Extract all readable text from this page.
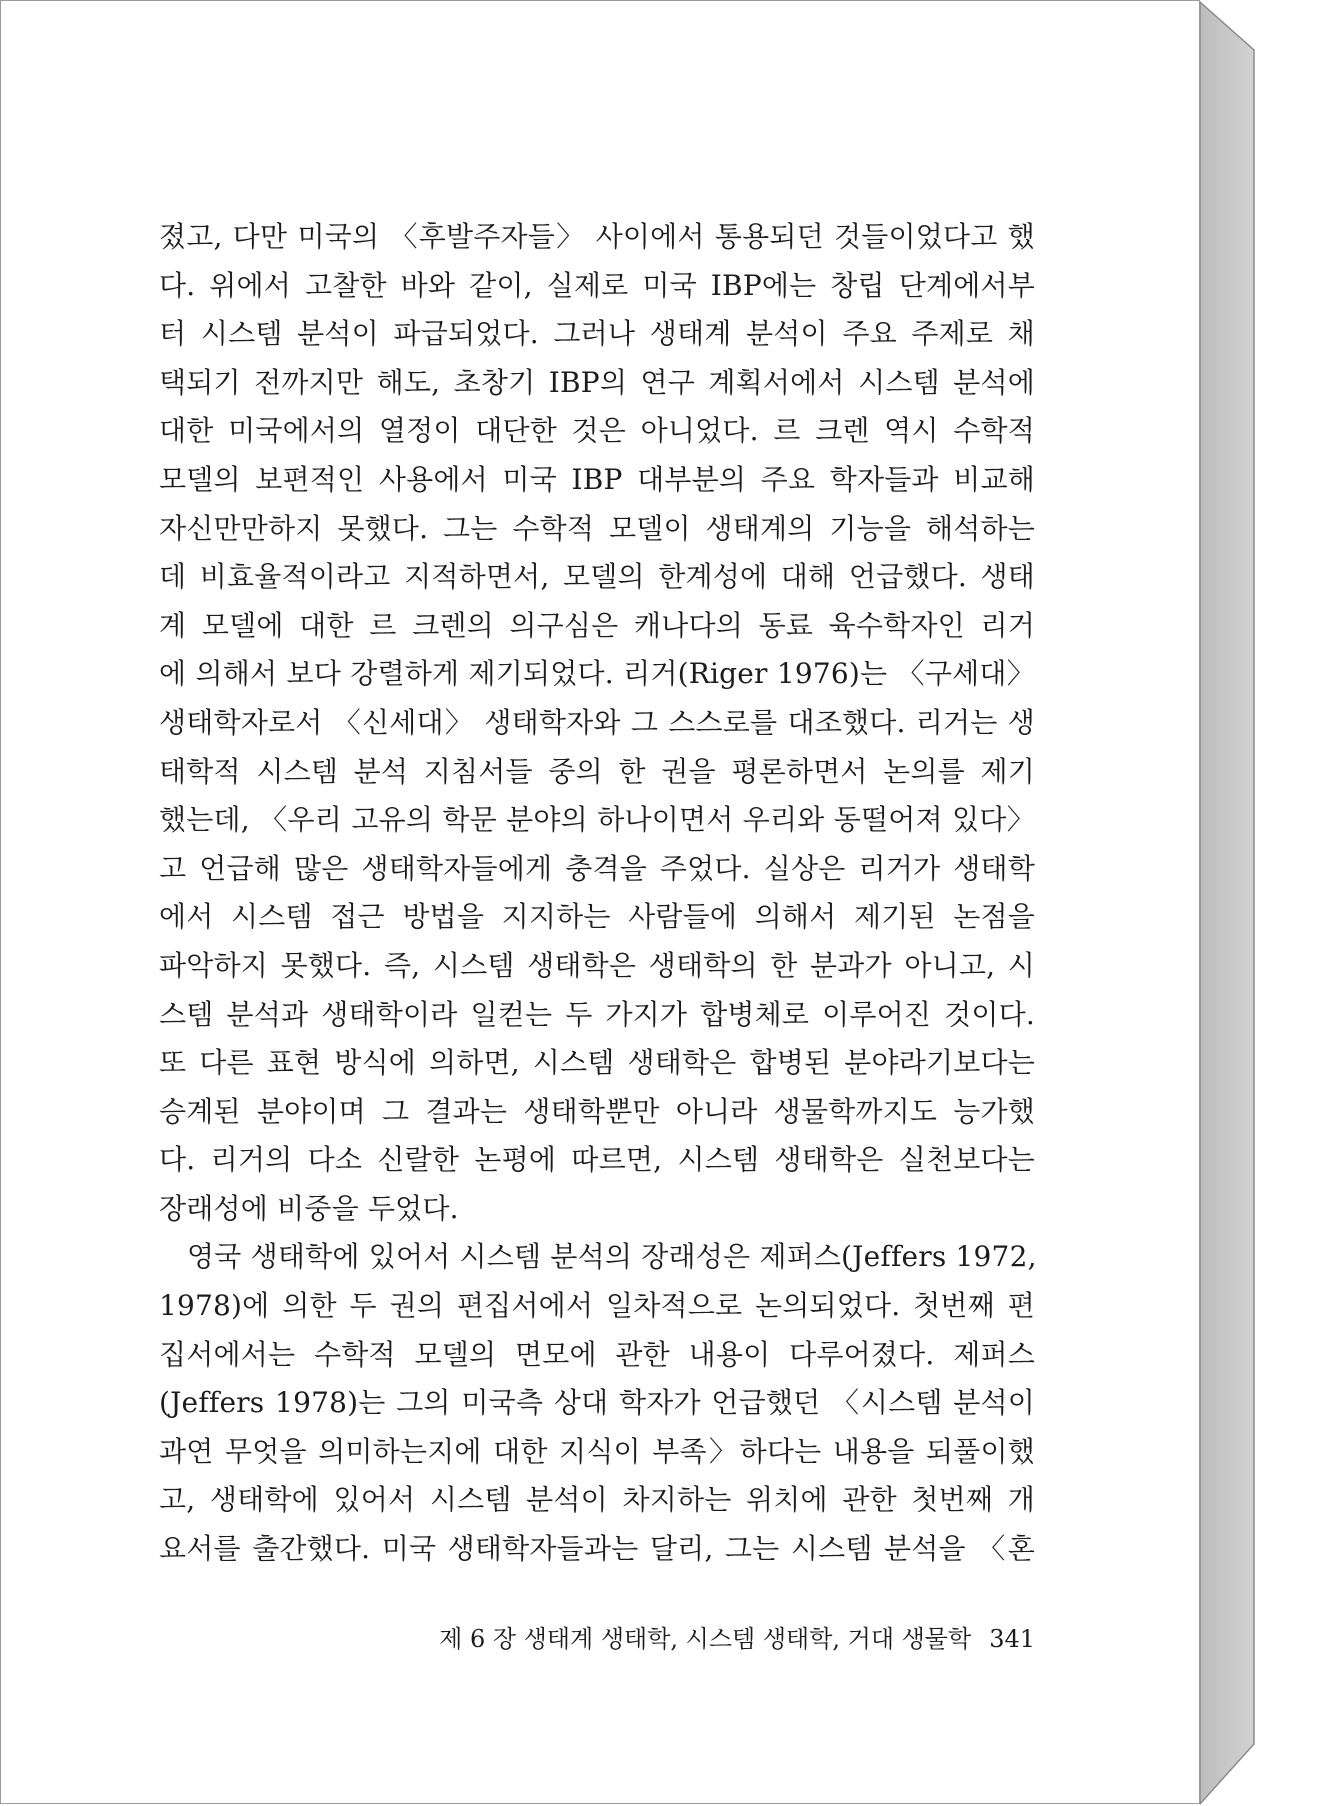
졌고, 다만 미국의 〈후발주자들〉 사이에서 통용되던 것들이었다고 했
다. 위에서 고찰한 바와 같이, 실제로 미국 IBP에는 창립 단계에서부
터 시스템 분석이 파급되었다. 그러나 생태계 분석이 주요 주제로 채
택되기 전까지만 해도, 초창기 IBP의 연구 계획서에서 시스템 분석에
대한 미국에서의 열정이 대단한 것은 아니었다. 르 크렌 역시 수학적
모델의 보편적인 사용에서 미국 IBP 대부분의 주요 학자들과 비교해
자신만만하지 못했다. 그는 수학적 모델이 생태계의 기능을 해석하는
데 비효율적이라고 지적하면서, 모델의 한계성에 대해 언급했다. 생태
계 모델에 대한 르 크렌의 의구심은 캐나다의 동료 육수학자인 리거
에 의해서 보다 강렬하게 제기되었다. 리거(Riger 1976)는 〈구세대〉
생태학자로서 〈신세대〉 생태학자와 그 스스로를 대조했다. 리거는 생
태학적 시스템 분석 지침서들 중의 한 권을 평론하면서 논의를 제기
했는데, 〈우리 고유의 학문 분야의 하나이면서 우리와 동떨어져 있다〉
고 언급해 많은 생태학자들에게 충격을 주었다. 실상은 리거가 생태학
에서 시스템 접근 방법을 지지하는 사람들에 의해서 제기된 논점을
파악하지 못했다. 즉, 시스템 생태학은 생태학의 한 분과가 아니고, 시
스템 분석과 생태학이라 일컫는 두 가지가 합병체로 이루어진 것이다.
또 다른 표현 방식에 의하면, 시스템 생태학은 합병된 분야라기보다는
승계된 분야이며 그 결과는 생태학뿐만 아니라 생물학까지도 능가했
다. 리거의 다소 신랄한 논평에 따르면, 시스템 생태학은 실천보다는
장래성에 비중을 두었다.
영국 생태학에 있어서 시스템 분석의 장래성은 제퍼스(Jeffers 1972,
1978)에 의한 두 권의 편집서에서 일차적으로 논의되었다. 첫번째 편
집서에서는 수학적 모델의 면모에 관한 내용이 다루어졌다. 제퍼스
(Jeffers 1978)는 그의 미국측 상대 학자가 언급했던 〈시스템 분석이
과연 무엇을 의미하는지에 대한 지식이 부족〉하다는 내용을 되풀이했
고, 생태학에 있어서 시스템 분석이 차지하는 위치에 관한 첫번째 개
요서를 출간했다. 미국 생태학자들과는 달리, 그는 시스템 분석을 〈혼
제 6 장 생태계 생태학, 시스템 생태학, 거대 생물학 341
